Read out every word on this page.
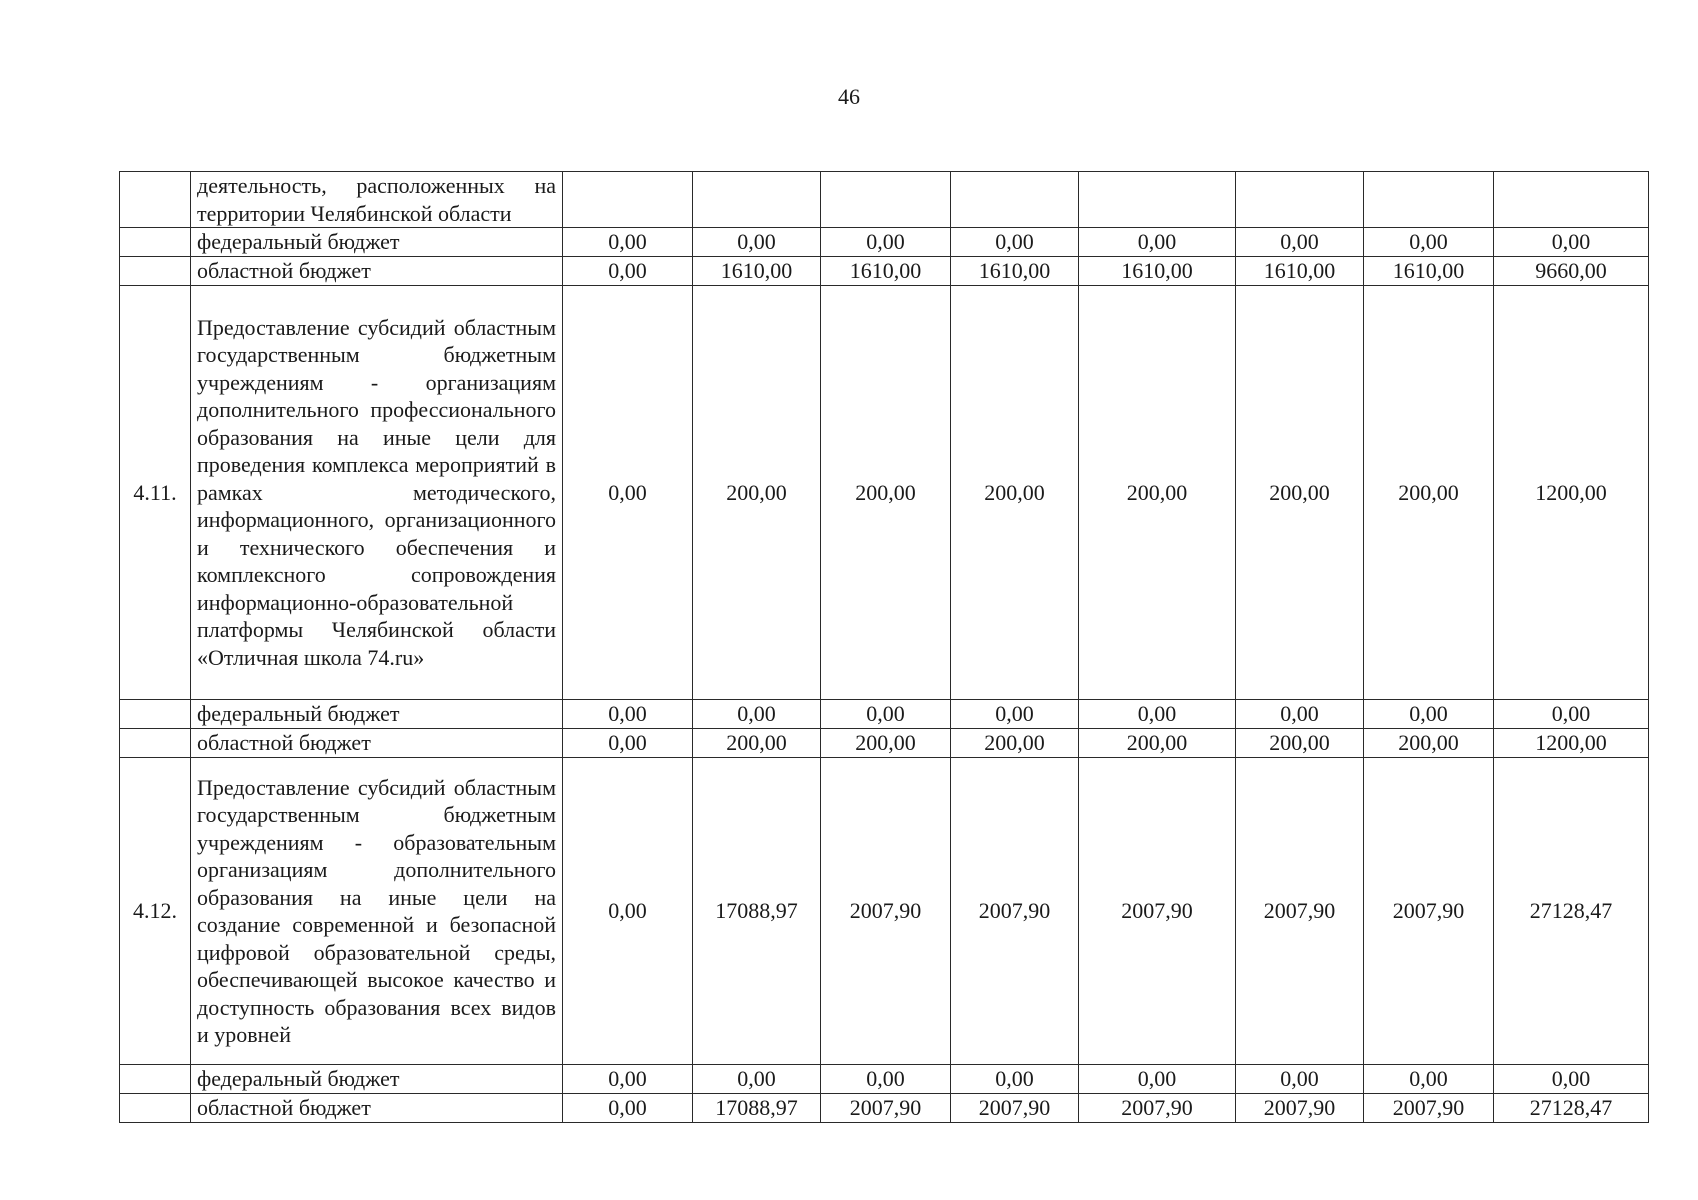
46
	деятельность, расположенных на территории Челябинской области								
	федеральный бюджет	0,00	0,00	0,00	0,00	0,00	0,00	0,00	0,00
	областной бюджет	0,00	1610,00	1610,00	1610,00	1610,00	1610,00	1610,00	9660,00
4.11.	Предоставление субсидий областным государственным бюджетным учреждениям - организациям дополнительного профессионального образования на иные цели для проведения комплекса мероприятий в рамках методического, информационного, организационного и технического обеспечения и комплексного сопровождения информационно-образовательной платформы Челябинской области «Отличная школа 74.ru»	0,00	200,00	200,00	200,00	200,00	200,00	200,00	1200,00
	федеральный бюджет	0,00	0,00	0,00	0,00	0,00	0,00	0,00	0,00
	областной бюджет	0,00	200,00	200,00	200,00	200,00	200,00	200,00	1200,00
4.12.	Предоставление субсидий областным государственным бюджетным учреждениям - образовательным организациям дополнительного образования на иные цели на создание современной и безопасной цифровой образовательной среды, обеспечивающей высокое качество и доступность образования всех видов и уровней	0,00	17088,97	2007,90	2007,90	2007,90	2007,90	2007,90	27128,47
	федеральный бюджет	0,00	0,00	0,00	0,00	0,00	0,00	0,00	0,00
	областной бюджет	0,00	17088,97	2007,90	2007,90	2007,90	2007,90	2007,90	27128,47
